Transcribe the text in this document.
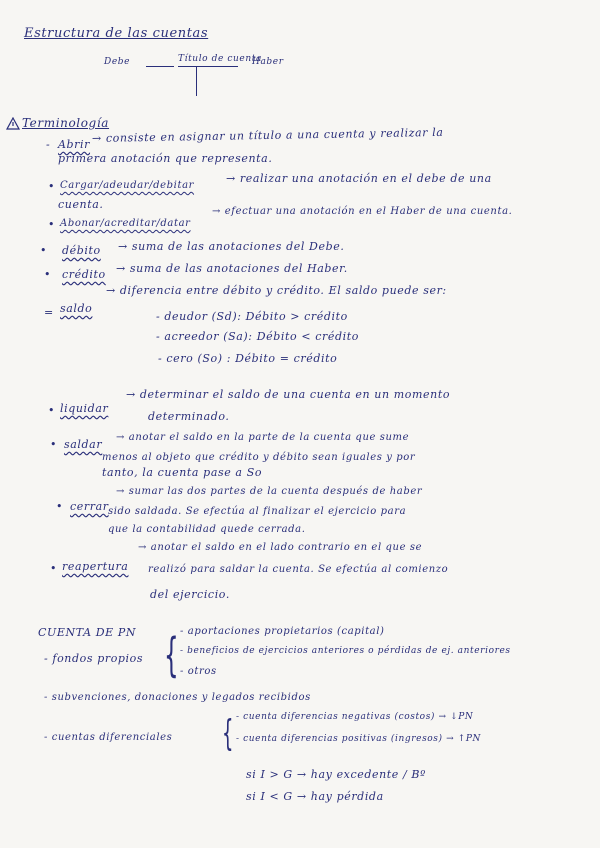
Estructura de las cuentas
Debe	Título de cuenta
Haber
Terminología
- Abrir → consiste en asignar un título a una cuenta y realizar la
primera anotación que representa.
• Cargar/adeudar/debitar
→ realizar una anotación en el debe de una
cuenta.
• Abonar/acreditar/datar
→ efectuar una anotación en el Haber de una cuenta.
• débito → suma de las anotaciones del Debe.
• crédito → suma de las anotaciones del Haber.
= saldo
→ diferencia entre débito y crédito. El saldo puede ser:
- deudor (Sd): Débito > crédito
- acreedor (Sa): Débito < crédito
- cero (So) : Débito = crédito
• liquidar
→ determinar el saldo de una cuenta en un momento
determinado.
• saldar
→ anotar el saldo en la parte de la cuenta que sume
menos al objeto que crédito y débito sean iguales y por
tanto, la cuenta pase a So
• cerrar
→ sumar las dos partes de la cuenta después de haber
sido saldada. Se efectúa al finalizar el ejercicio para
que la contabilidad quede cerrada.
• reapertura
→ anotar el saldo en el lado contrario en el que se
realizó para saldar la cuenta. Se efectúa al comienzo
del ejercicio.
CUENTA DE PN
- fondos propios { - aportaciones propietarios (capital)
- beneficios de ejercicios anteriores o pérdidas de ej. anteriores
- otros
- subvenciones, donaciones y legados recibidos
- cuentas diferenciales { - cuenta diferencias negativas (costos) → ↓PN
- cuenta diferencias positivas (ingresos) → ↑PN
si I > G → hay excedente / Bº
si I < G → hay pérdida
